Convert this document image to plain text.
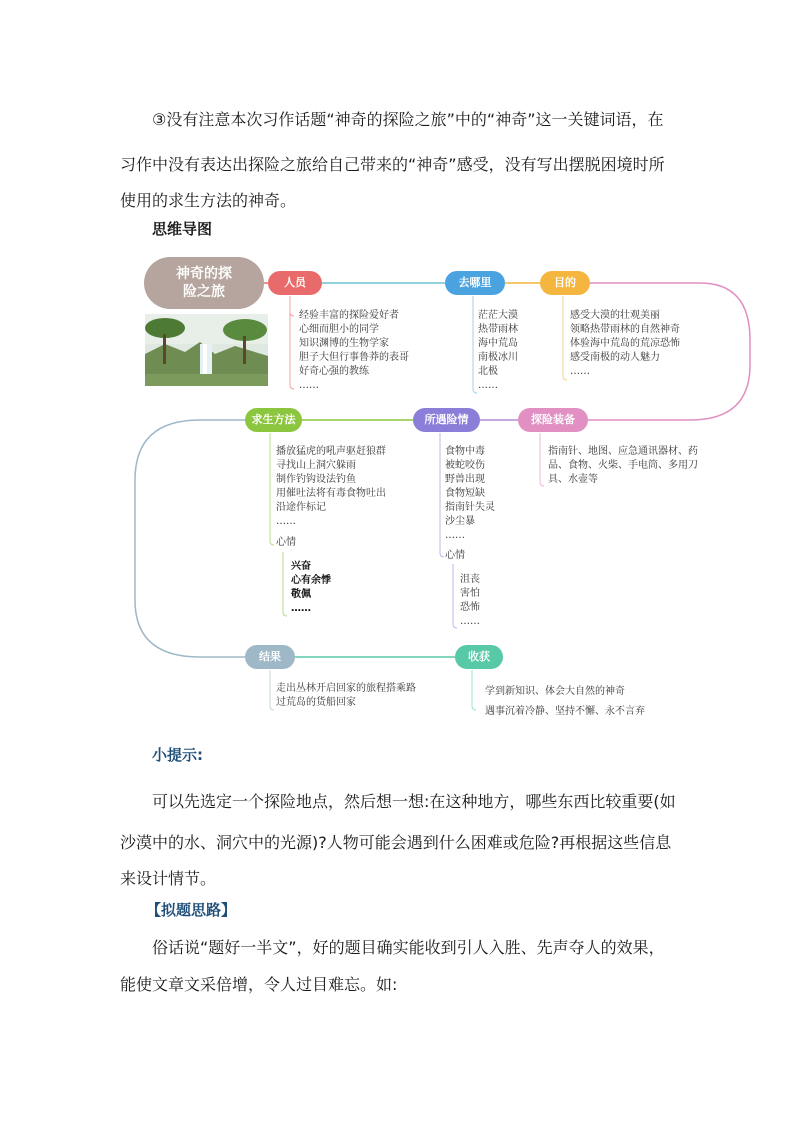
③没有注意本次习作话题“神奇的探险之旅”中的“神奇”这一关键词语，在
习作中没有表达出探险之旅给自己带来的“神奇”感受，没有写出摆脱困境时所
使用的求生方法的神奇。
思维导图
神奇的探
险之旅
人员	去哪里	目的
求生方法	所遇险情	探险装备
结果	收获
经验丰富的探险爱好者
心细而胆小的同学
知识渊博的生物学家
胆子大但行事鲁莽的表哥
好奇心强的教练
……
茫茫大漠
热带雨林
海中荒岛
南极冰川
北极
……
感受大漠的壮观美丽
领略热带雨林的自然神奇
体验海中荒岛的荒凉恐怖
感受南极的动人魅力
……
指南针、地图、应急通讯器材、药
品、食物、火柴、手电筒、多用刀
具、水壶等
播放猛虎的吼声驱赶狼群
寻找山上洞穴躲雨
制作钓钩设法钓鱼
用催吐法将有毒食物吐出
沿途作标记
……
心情
兴奋
心有余悸
敬佩
……
食物中毒
被蛇咬伤
野兽出现
食物短缺
指南针失灵
沙尘暴
……
心情
沮丧
害怕
恐怖
……
走出丛林开启回家的旅程搭乘路
过荒岛的货船回家
学到新知识、体会大自然的神奇
遇事沉着冷静、坚持不懈、永不言弃
小提示:
可以先选定一个探险地点，然后想一想:在这种地方，哪些东西比较重要(如
沙漠中的水、洞穴中的光源)?人物可能会遇到什么困难或危险?再根据这些信息
来设计情节。
【拟题思路】
俗话说“题好一半文”，好的题目确实能收到引人入胜、先声夺人的效果，
能使文章文采倍增，令人过目难忘。如:
